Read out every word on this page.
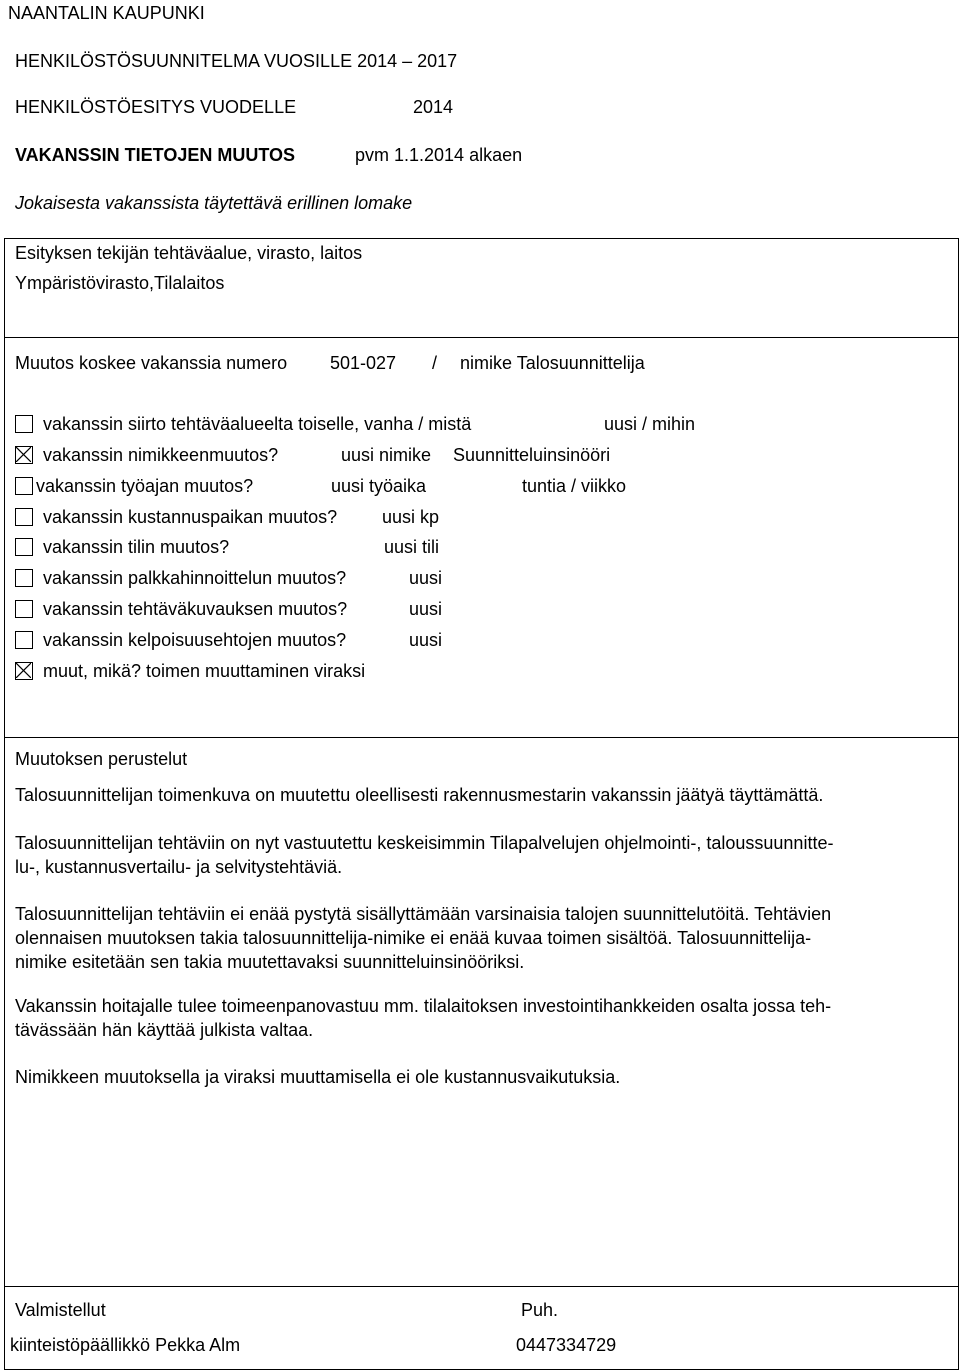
NAANTALIN KAUPUNKI
HENKILÖSTÖSUUNNITELMA VUOSILLE 2014 – 2017
HENKILÖSTÖESITYS VUODELLE	2014
VAKANSSIN TIETOJEN MUUTOS	pvm 1.1.2014 alkaen
Jokaisesta vakanssista täytettävä erillinen lomake
Esityksen tekijän tehtäväalue, virasto, laitos
Ympäristövirasto,Tilalaitos
Muutos koskee vakanssia numero 501-027 / nimike Talosuunnittelija
vakanssin siirto tehtäväalueelta toiselle, vanha / mistä	uusi / mihin
vakanssin nimikkeenmuutos?	uusi nimike Suunnitteluinsinööri
vakanssin työajan muutos?	uusi työaika	tuntia / viikko
vakanssin kustannuspaikan muutos? uusi kp
vakanssin tilin muutos?	uusi tili
vakanssin palkkahinnoittelun muutos?	uusi
vakanssin tehtäväkuvauksen muutos?	uusi
vakanssin kelpoisuusehtojen muutos?	uusi
muut, mikä? toimen muuttaminen viraksi
Muutoksen perustelut
Talosuunnittelijan toimenkuva on muutettu oleellisesti rakennusmestarin vakanssin jäätyä täyttämättä.
Talosuunnittelijan tehtäviin on nyt vastuutettu keskeisimmin Tilapalvelujen ohjelmointi-, taloussuunnitte-
lu-, kustannusvertailu- ja selvitystehtäviä.
Talosuunnittelijan tehtäviin ei enää pystytä sisällyttämään varsinaisia talojen suunnittelutöitä. Tehtävien
olennaisen muutoksen takia talosuunnittelija-nimike ei enää kuvaa toimen sisältöä. Talosuunnittelija-
nimike esitetään sen takia muutettavaksi suunnitteluinsinööriksi.
Vakanssin hoitajalle tulee toimeenpanovastuu mm. tilalaitoksen investointihankkeiden osalta jossa teh-
tävässään hän käyttää julkista valtaa.
Nimikkeen muutoksella ja viraksi muuttamisella ei ole kustannusvaikutuksia.
Valmistellut
kiinteistöpäällikkö Pekka Alm
Puh.
0447334729
